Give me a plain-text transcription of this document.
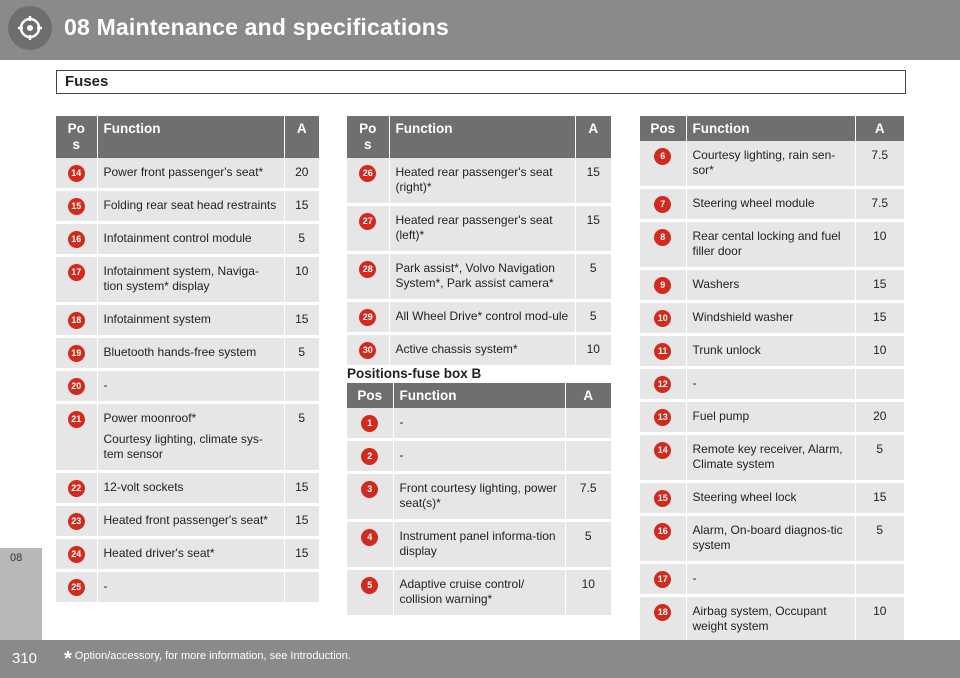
08 Maintenance and specifications
08
Fuses
Po
s	Function	A
14	Power front passenger's seat*	20
15	Folding rear seat head restraints	15
16	Infotainment control module	5
17	Infotainment system, Naviga-tion system* display	10
18	Infotainment system	15
19	Bluetooth hands-free system	5
20	-	

21	Power moonroof*
Courtesy lighting, climate sys-tem sensor	5
22	12-volt sockets	15
23	Heated front passenger's seat*	15
24	Heated driver's seat*	15
25	-	

Po
s	Function	A
26	Heated rear passenger's seat (right)*	15
27	Heated rear passenger's seat (left)*	15
28	Park assist*, Volvo Navigation System*, Park assist camera*	5
29	All Wheel Drive* control mod-ule	5
30	Active chassis system*	10
Positions-fuse box B
Pos	Function	A
1	-	

2	-	

3	Front courtesy lighting, power seat(s)*	7.5
4	Instrument panel informa-tion display	5
5	Adaptive cruise control/ collision warning*	10
Pos	Function	A
6	Courtesy lighting, rain sen-sor*	7.5
7	Steering wheel module	7.5
8	Rear cental locking and fuel filler door	10
9	Washers	15
10	Windshield washer	15
11	Trunk unlock	10
12	-	

13	Fuel pump	20
14	Remote key receiver, Alarm, Climate system	5
15	Steering wheel lock	15
16	Alarm, On-board diagnos-tic system	5
17	-	

18	Airbag system, Occupant weight system	10
310 * Option/accessory, for more information, see Introduction.
